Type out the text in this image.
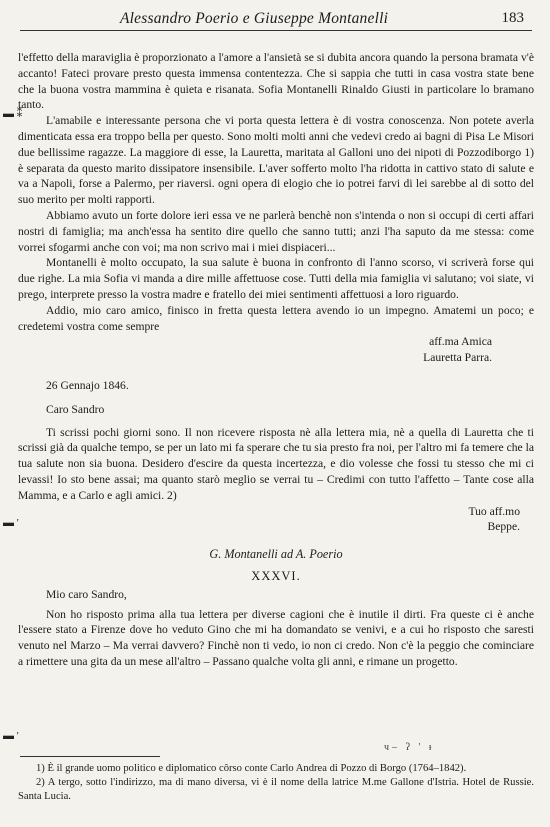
Alessandro Poerio e Giuseppe Montanelli	183
▬ ⁑
▬ '
▬ '

l'effetto della maraviglia è proporzionato a l'amore a l'ansietà se si dubita ancora quando la persona bramata v'è accanto! Fateci provare presto questa immensa contentezza. Che si sappia che tutti in casa vostra state bene che la buona vostra mammina è quieta e risanata. Sofia Montanelli Rinaldo Giusti in particolare lo bramano tanto.

L'amabile e interessante persona che vi porta questa lettera è di vostra conoscenza. Non potete averla dimenticata essa era troppo bella per questo. Sono molti molti anni che vedevi credo ai bagni di Pisa Le Misori due bellissime ragazze. La maggiore di esse, la Lauretta, maritata al Galloni uno dei nipoti di Pozzodiborgo 1) è separata da questo marito dissipatore insensibile. L'aver sofferto molto l'ha ridotta in cattivo stato di salute e va a Napoli, forse a Palermo, per riaversi. ogni opera di elogio che io potrei farvi di lei sarebbe al di sotto del suo merito per molti rapporti.

Abbiamo avuto un forte dolore ieri essa ve ne parlerà benchè non s'intenda o non si occupi di certi affari nostri di famiglia; ma anch'essa ha sentito dire quello che sanno tutti; anzi l'ha saputo da me stessa: come vorrei sfogarmi anche con voi; ma non scrivo mai i miei dispiaceri...

Montanelli è molto occupato, la sua salute è buona in confronto di l'anno scorso, vi scriverà forse qui due righe. La mia Sofia vi manda a dire mille affettuose cose. Tutti della mia famiglia vi salutano; voi siate, vi prego, interprete presso la vostra madre e fratello dei miei sentimenti affettuosi a loro riguardo.

Addio, mio caro amico, finisco in fretta questa lettera avendo io un impegno. Amatemi un poco; e credetemi vostra come sempre

aff.ma Amica

Lauretta Parra.

26 Gennajo 1846.

Caro Sandro

Ti scrissi pochi giorni sono. Il non ricevere risposta nè alla lettera mia, nè a quella di Lauretta che ti scrissi già da qualche tempo, se per un lato mi fa sperare che tu sia presto fra noi, per l'altro mi fa temere che la tua salute non sia buona. Desidero d'escire da questa incertezza, e dio volesse che fossi tu stesso che mi ci levassi! Io sto bene assai; ma quanto starò meglio se verrai tu – Credimi con tutto l'affetto – Tante cose alla Mamma, e a Carlo e agli amici. 2)

Tuo aff.mo

Beppe.

G. Montanelli ad A. Poerio

XXXVI.

Mio caro Sandro,

Non ho risposto prima alla tua lettera per diverse cagioni che è inutile il dirti. Fra queste ci è anche l'essere stato a Firenze dove ho veduto Gino che mi ha domandato se venivi, e a cui ho risposto che saresti venuto nel Marzo – Ma verrai davvero? Finchè non ti vedo, io non ci credo. Non c'è la peggio che cominciare a rimettere una gita da un mese all'altro – Passano qualche volta gli anni, e rimane un progetto.

ч– ʔ ' ᵻ

1) È il grande uomo politico e diplomatico côrso conte Carlo Andrea di Pozzo di Borgo (1764–1842).

2) A tergo, sotto l'indirizzo, ma di mano diversa, vi è il nome della latrice M.me Gallone d'Istria. Hotel de Russie. Santa Lucia.
